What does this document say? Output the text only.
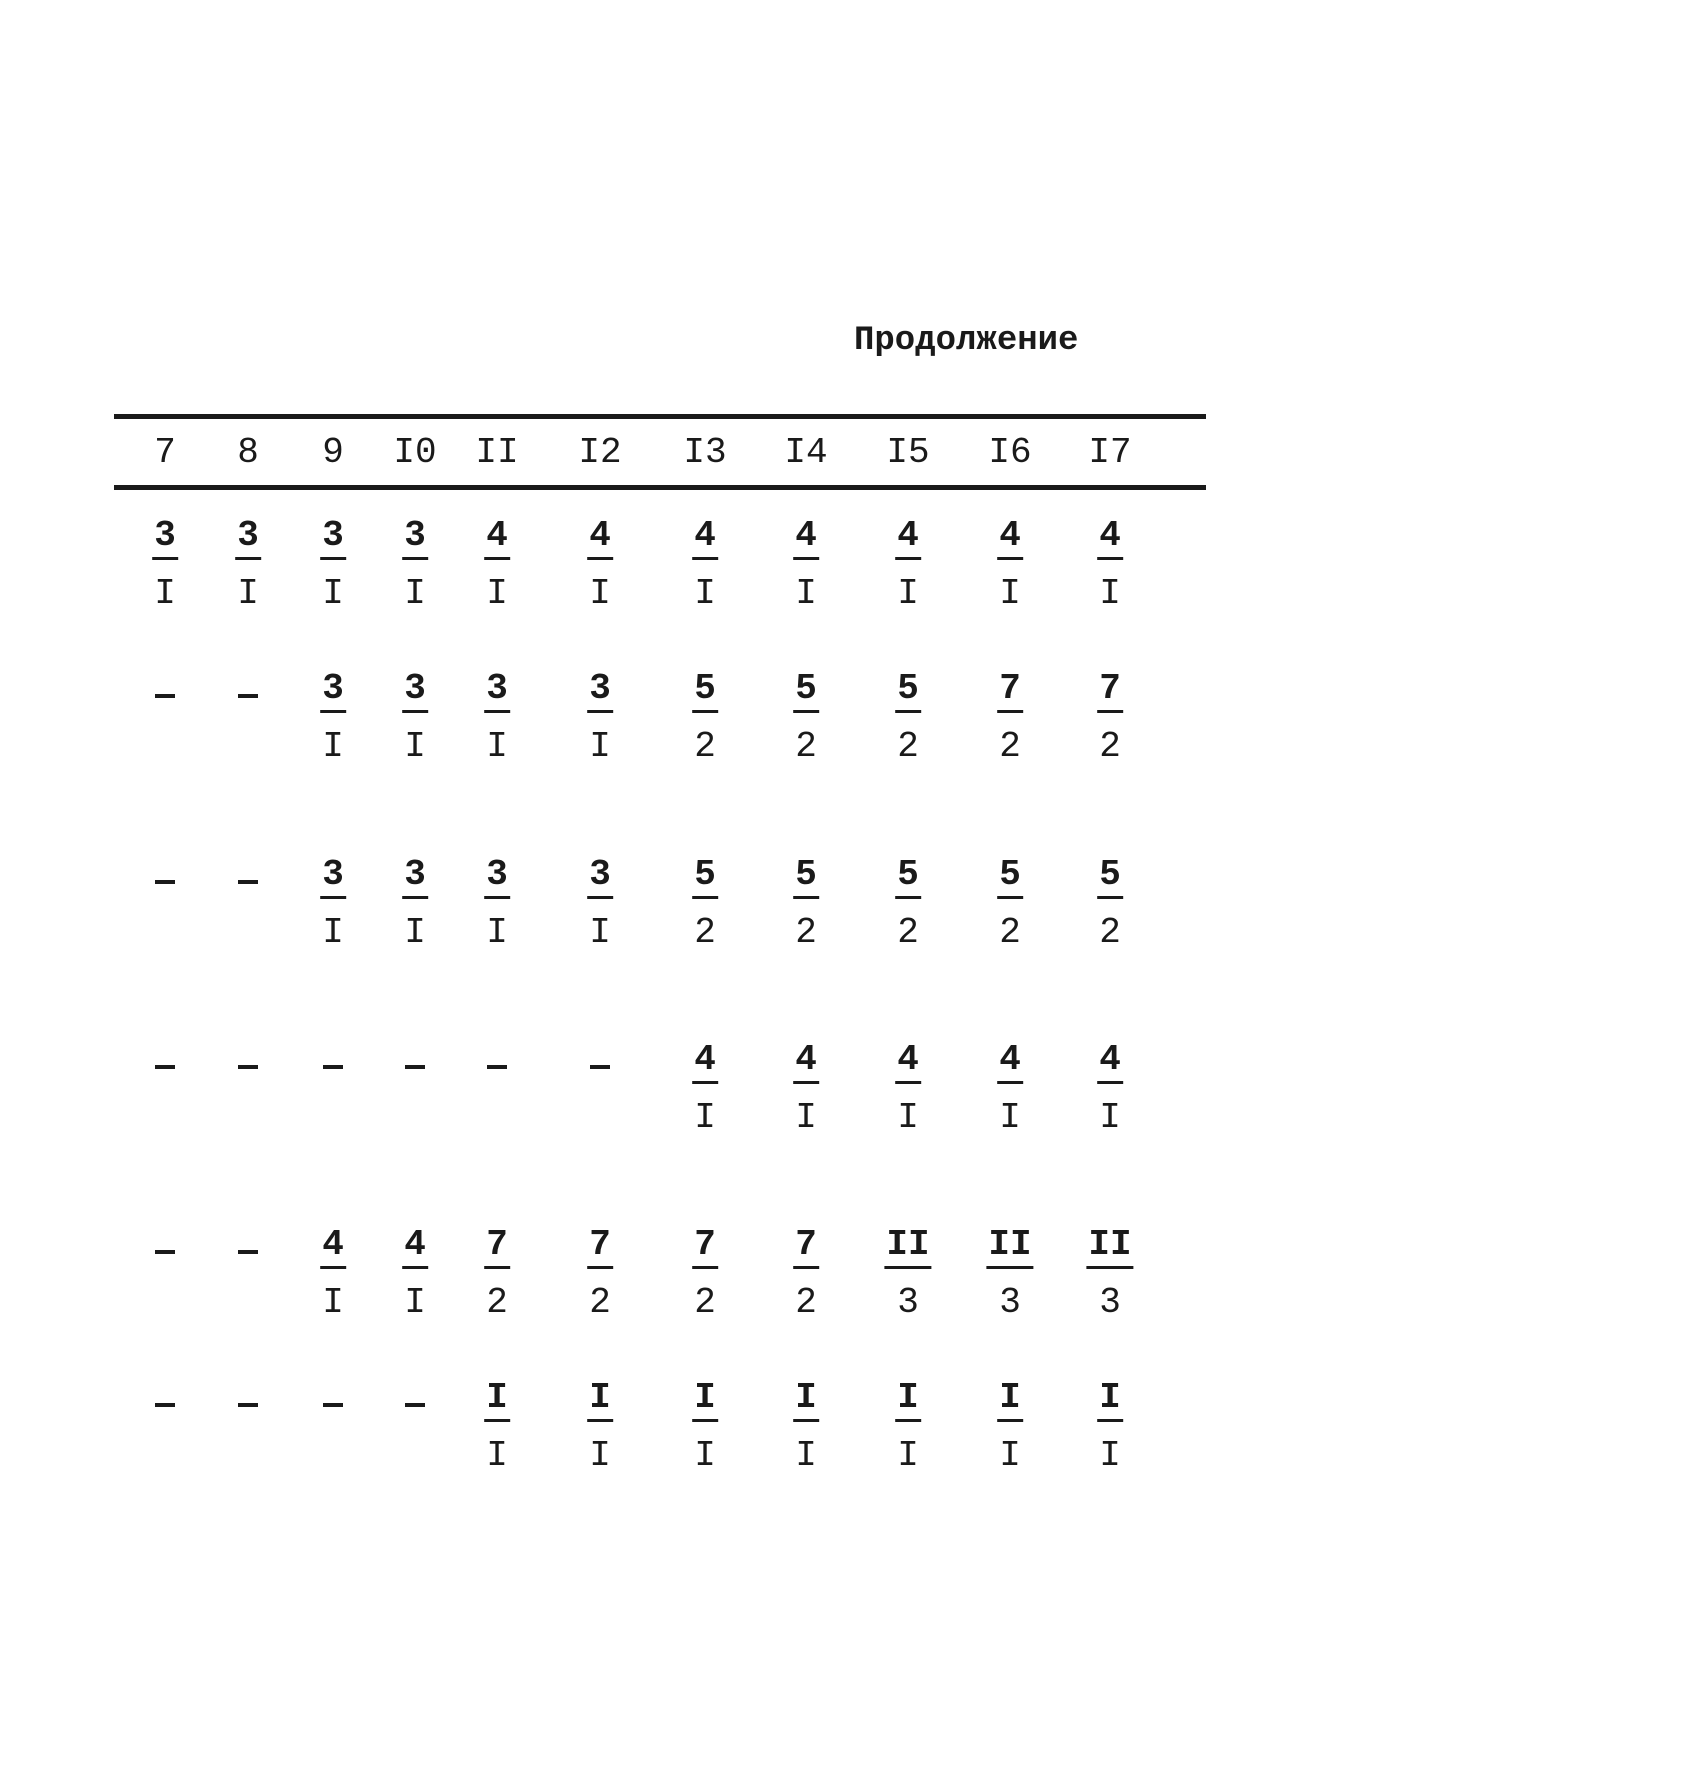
Продолжение
7 8 9 I0 II I2 I3 I4 I5 I6 I7
3
I
3
I
3
I
3
I
4
I
4
I
4
I
4
I
4
I
4
I
4
I
3
I
3
I
3
I
3
I
5
2
5
2
5
2
7
2
7
2
3
I
3
I
3
I
3
I
5
2
5
2
5
2
5
2
5
2
4
I
4
I
4
I
4
I
4
I
4
I
4
I
7
2
7
2
7
2
7
2
II
3
II
3
II
3
I
I
I
I
I
I
I
I
I
I
I
I
I
I
